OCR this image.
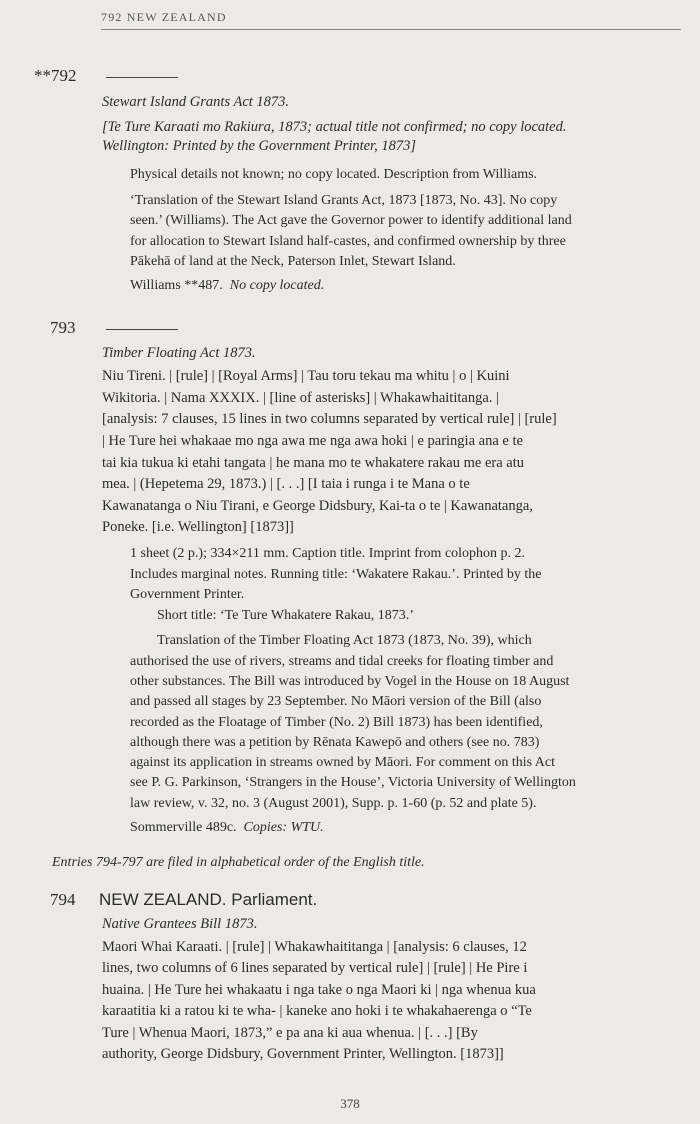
792 NEW ZEALAND
**792
Stewart Island Grants Act 1873.
[Te Ture Karaati mo Rakiura, 1873; actual title not confirmed; no copy located.
Wellington: Printed by the Government Printer, 1873]
Physical details not known; no copy located. Description from Williams.
‘Translation of the Stewart Island Grants Act, 1873 [1873, No. 43]. No copy
seen.’ (Williams). The Act gave the Governor power to identify additional land
for allocation to Stewart Island half-castes, and confirmed ownership by three
Pākehā of land at the Neck, Paterson Inlet, Stewart Island.
Williams **487. No copy located.
793
Timber Floating Act 1873.
Niu Tireni. | [rule] | [Royal Arms] | Tau toru tekau ma whitu | o | Kuini
Wikitoria. | Nama XXXIX. | [line of asterisks] | Whakawhaititanga. |
[analysis: 7 clauses, 15 lines in two columns separated by vertical rule] | [rule]
| He Ture hei whakaae mo nga awa me nga awa hoki | e paringia ana e te
tai kia tukua ki etahi tangata | he mana mo te whakatere rakau me era atu
mea. | (Hepetema 29, 1873.) | [. . .] [I taia i runga i te Mana o te
Kawanatanga o Niu Tirani, e George Didsbury, Kai-ta o te | Kawanatanga,
Poneke. [i.e. Wellington] [1873]]
1 sheet (2 p.); 334×211 mm. Caption title. Imprint from colophon p. 2.
Includes marginal notes. Running title: ‘Wakatere Rakau.’. Printed by the
Government Printer.
Short title: ‘Te Ture Whakatere Rakau, 1873.’
Translation of the Timber Floating Act 1873 (1873, No. 39), which
authorised the use of rivers, streams and tidal creeks for floating timber and
other substances. The Bill was introduced by Vogel in the House on 18 August
and passed all stages by 23 September. No Māori version of the Bill (also
recorded as the Floatage of Timber (No. 2) Bill 1873) has been identified,
although there was a petition by Rēnata Kawepō and others (see no. 783)
against its application in streams owned by Māori. For comment on this Act
see P. G. Parkinson, ‘Strangers in the House’, Victoria University of Wellington
law review, v. 32, no. 3 (August 2001), Supp. p. 1-60 (p. 52 and plate 5).
Sommerville 489c. Copies: WTU.
Entries 794-797 are filed in alphabetical order of the English title.
794 NEW ZEALAND. Parliament.
Native Grantees Bill 1873.
Maori Whai Karaati. | [rule] | Whakawhaititanga | [analysis: 6 clauses, 12
lines, two columns of 6 lines separated by vertical rule] | [rule] | He Pire i
huaina. | He Ture hei whakaatu i nga take o nga Maori ki | nga whenua kua
karaatitia ki a ratou ki te wha- | kaneke ano hoki i te whakahaerenga o “Te
Ture | Whenua Maori, 1873,” e pa ana ki aua whenua. | [. . .] [By
authority, George Didsbury, Government Printer, Wellington. [1873]]
378
